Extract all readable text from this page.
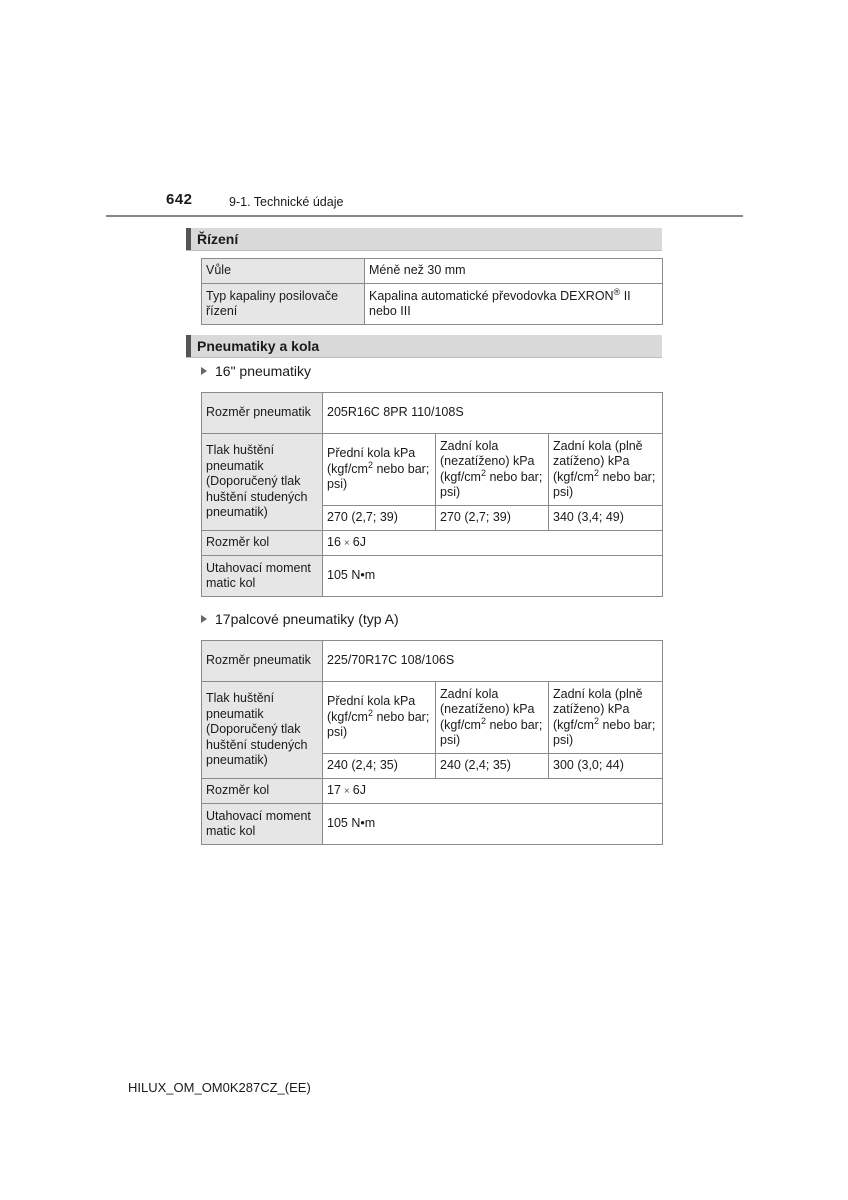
642	9-1. Technické údaje
Řízení
Vůle	Méně než 30 mm
Typ kapaliny posilovače řízení	Kapalina automatické převodovka DEXRON® II nebo III
Pneumatiky a kola
16" pneumatiky
Rozměr pneumatik	205R16C 8PR 110/108S		
Tlak huštění pneumatik (Doporučený tlak huštění studených pneumatik)	Přední kola kPa ($kgf/cm^2$ nebo bar; psi)	Zadní kola (nezatíženo) kPa ($kgf/cm^2$ nebo bar; psi)	Zadní kola (plně zatíženo) kPa ($kgf/cm^2$ nebo bar; psi)
	270 (2,7; 39)	270 (2,7; 39)	340 (3,4; 49)
Rozměr kol	16 × 6J		
Utahovací moment matic kol	105 N•m		
17palcové pneumatiky (typ A)
Rozměr pneumatik	225/70R17C 108/106S		
Tlak huštění pneumatik (Doporučený tlak huštění studených pneumatik)	Přední kola kPa ($kgf/cm^2$ nebo bar; psi)	Zadní kola (nezatíženo) kPa ($kgf/cm^2$ nebo bar; psi)	Zadní kola (plně zatíženo) kPa ($kgf/cm^2$ nebo bar; psi)
	240 (2,4; 35)	240 (2,4; 35)	300 (3,0; 44)
Rozměr kol	17 × 6J		
Utahovací moment matic kol	105 N•m		
HILUX_OM_OM0K287CZ_(EE)
